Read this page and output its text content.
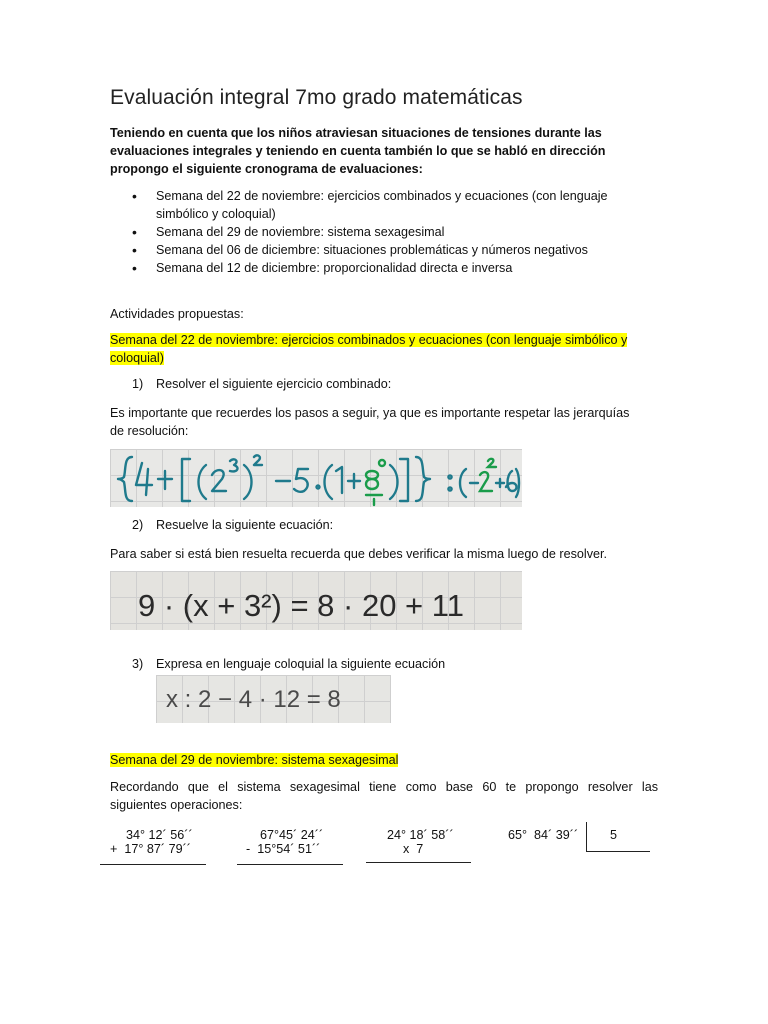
Evaluación integral 7mo grado matemáticas
Teniendo en cuenta que los niños atraviesan situaciones de tensiones durante las evaluaciones integrales y teniendo en cuenta también lo que se habló en dirección propongo el siguiente cronograma de evaluaciones:
• Semana del 22 de noviembre: ejercicios combinados y ecuaciones (con lenguaje
simbólico y coloquial)
• Semana del 29 de noviembre: sistema sexagesimal
• Semana del 06 de diciembre: situaciones problemáticas y números negativos
• Semana del 12 de diciembre: proporcionalidad directa e inversa
Actividades propuestas:
Semana del 22 de noviembre: ejercicios combinados y ecuaciones (con lenguaje simbólico y
coloquial)
1) Resolver el siguiente ejercicio combinado:
Es importante que recuerdes los pasos a seguir, ya que es importante respetar las jerarquías
de resolución:
2) Resuelve la siguiente ecuación:
Para saber si está bien resuelta recuerda que debes verificar la misma luego de resolver.
9 · (x + 3²) = 8 · 20 + 11
3) Expresa en lenguaje coloquial la siguiente ecuación
x : 2 − 4 · 12 = 8
Semana del 29 de noviembre: sistema sexagesimal
Recordando que el sistema sexagesimal tiene como base 60 te propongo resolver las
siguientes operaciones:
34° 12´ 56´´
+  17° 87´ 79´´
67°45´ 24´´
-  15°54´ 51´´
24° 18´ 58´´
x  7
65°  84´ 39´´	5
